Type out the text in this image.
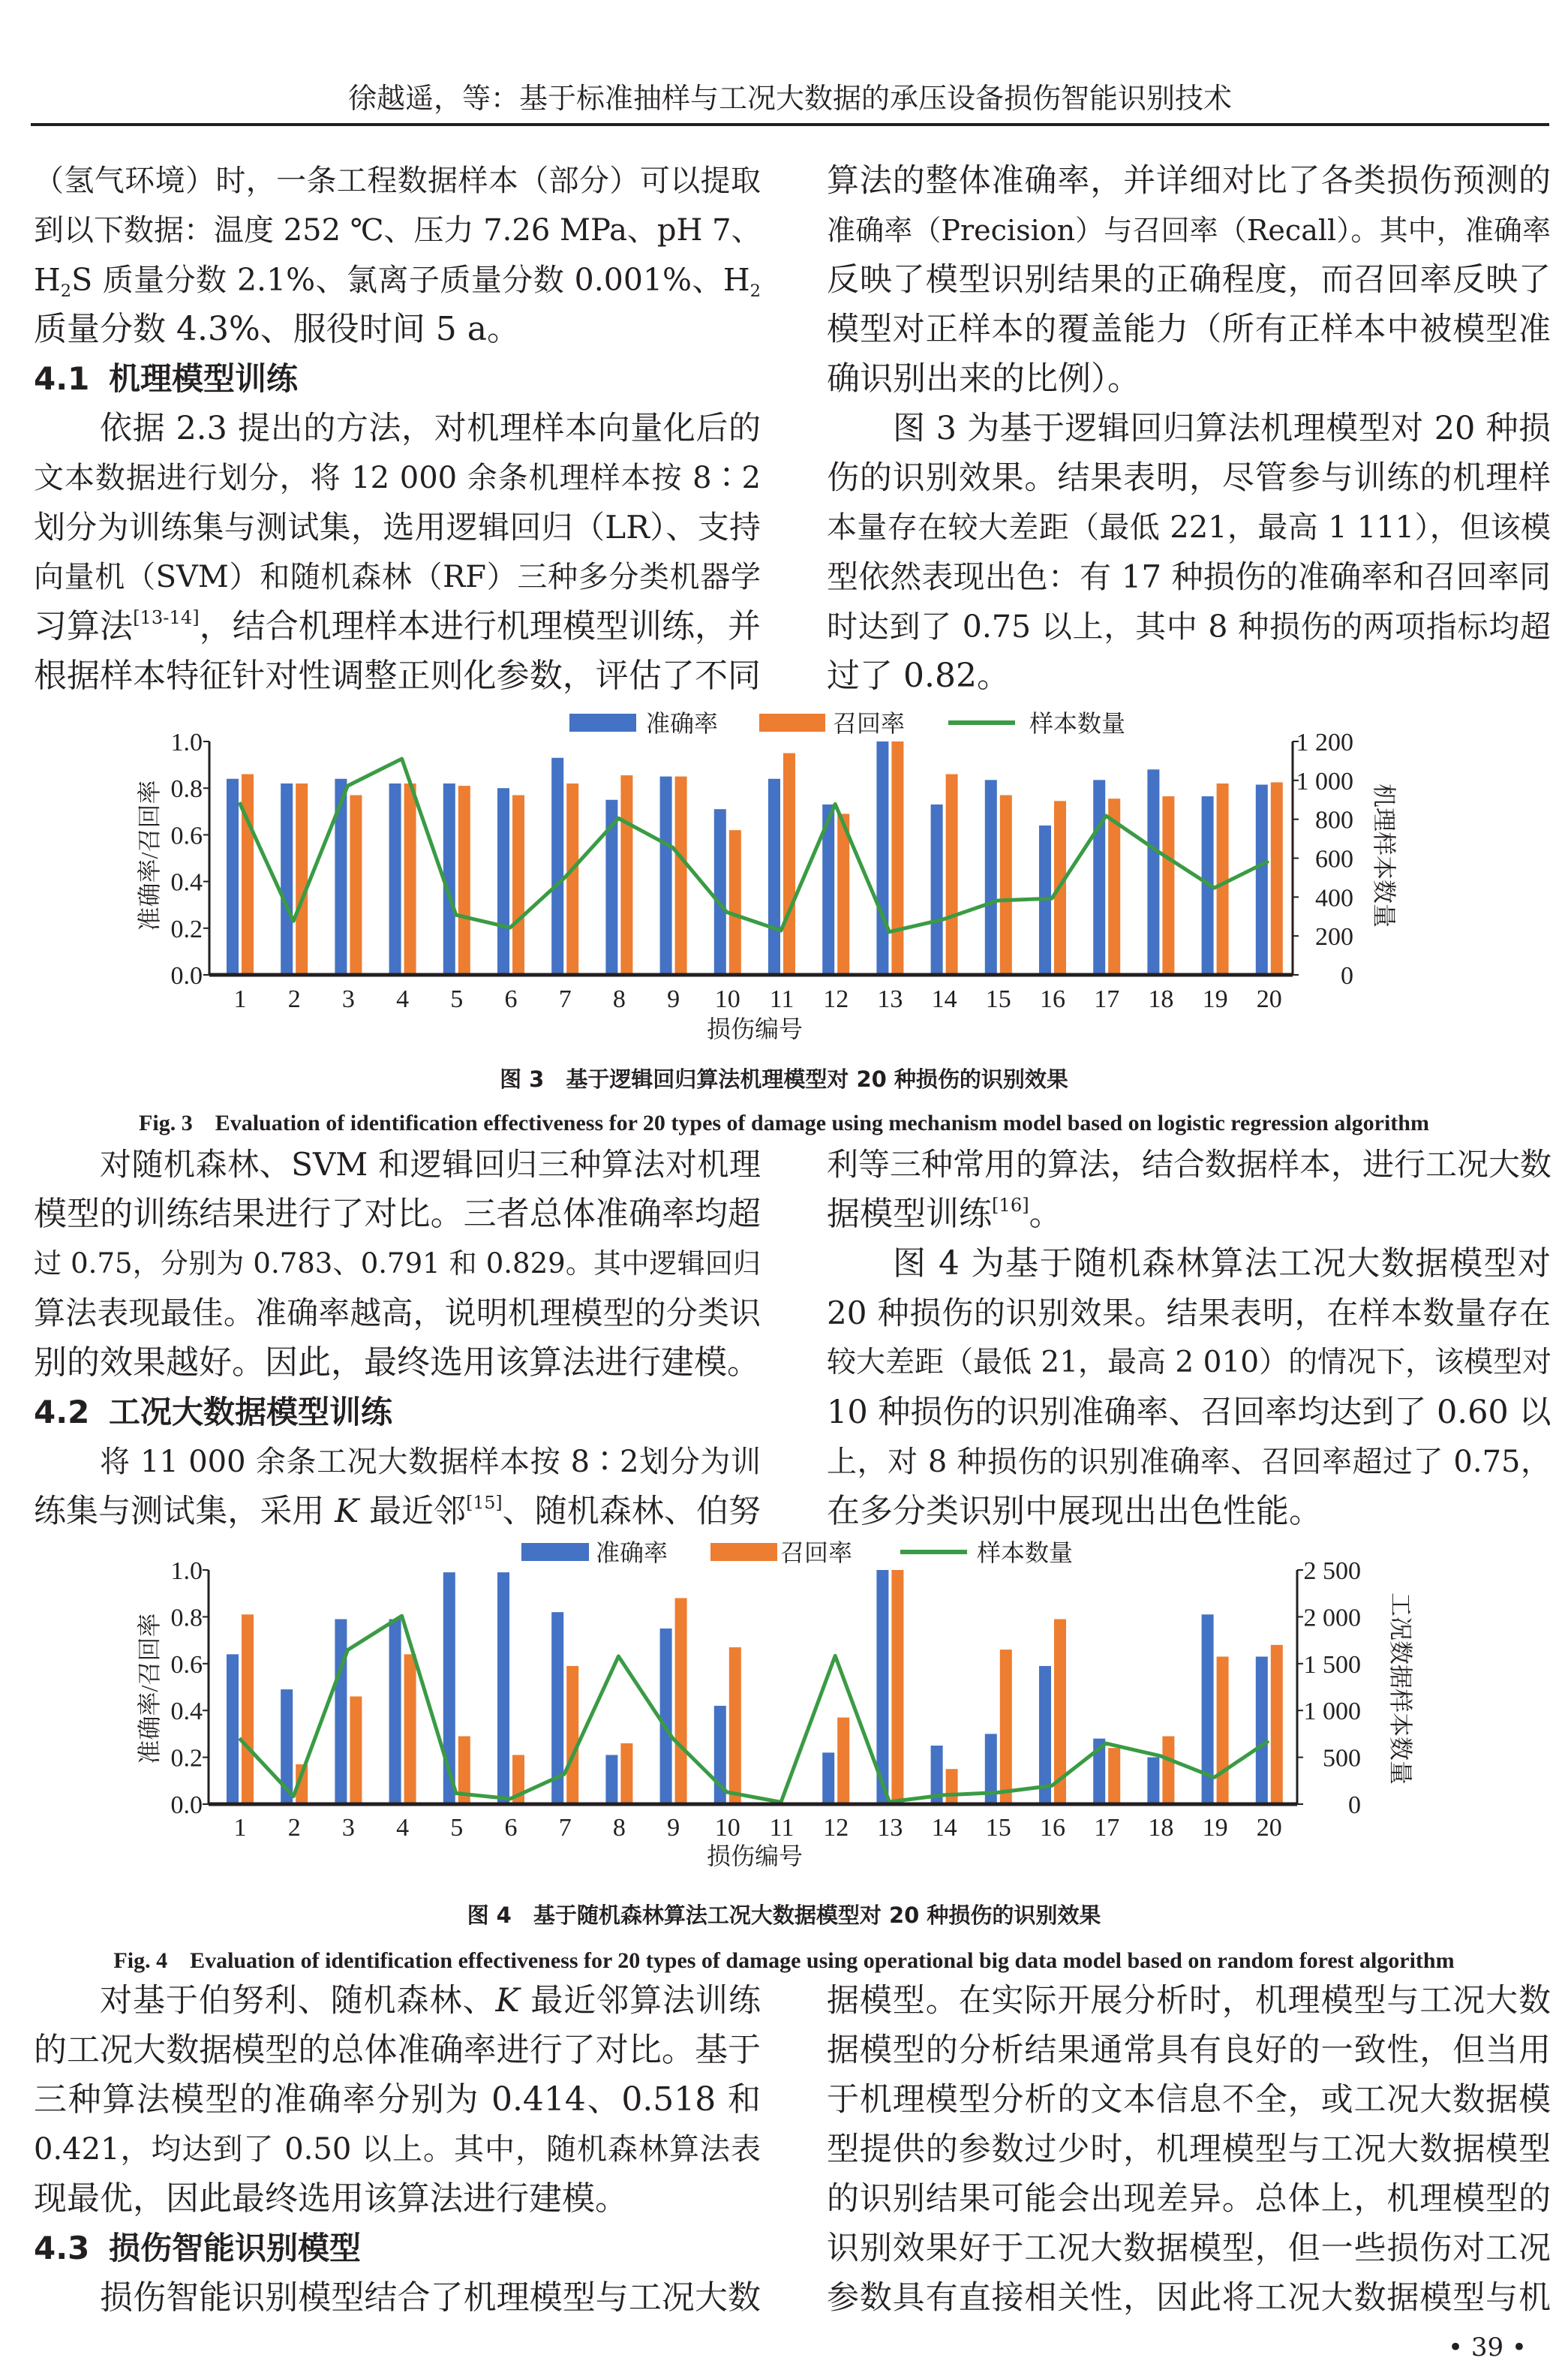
徐越遥，等：基于标准抽样与工况大数据的承压设备损伤智能识别技术
（氢气环境）时，一条工程数据样本（部分）可以提取
到以下数据：温度 252 ℃、压力 7.26 MPa、pH 7、
$H_2S$ 质量分数 2.1%、氯离子质量分数 0.001%、$H_2$
质量分数 4.3%、服役时间 5 a。
4.1 机理模型训练
依据 2.3 提出的方法，对机理样本向量化后的
文本数据进行划分，将 12 000 余条机理样本按 8∶2
划分为训练集与测试集，选用逻辑回归（LR）、支持
向量机（SVM）和随机森林（RF）三种多分类机器学
习算法[13-14]，结合机理样本进行机理模型训练，并
根据样本特征针对性调整正则化参数，评估了不同
算法的整体准确率，并详细对比了各类损伤预测的
准确率（Precision）与召回率（Recall）。其中，准确率
反映了模型识别结果的正确程度，而召回率反映了
模型对正样本的覆盖能力（所有正样本中被模型准
确识别出来的比例）。
图 3 为基于逻辑回归算法机理模型对 20 种损
伤的识别效果。结果表明，尽管参与训练的机理样
本量存在较大差距（最低 221，最高 1 111），但该模
型依然表现出色：有 17 种损伤的准确率和召回率同
时达到了 0.75 以上，其中 8 种损伤的两项指标均超
过了 0.82。
0.0
0.2
0.4
0.6
0.8
1.0
0
200
400
600
800
1 000
1 200
1 2 3 4 5 6 7 8 9 10 11 12 13 14 15 16 17 18 19 20
损伤编号
准确率/召回率	机理样本数量
准确率	召回率	样本数量
图 3　基于逻辑回归算法机理模型对 20 种损伤的识别效果
Fig. 3　Evaluation of identification effectiveness for 20 types of damage using mechanism model based on logistic regression algorithm
对随机森林、SVM 和逻辑回归三种算法对机理
模型的训练结果进行了对比。三者总体准确率均超
过 0.75，分别为 0.783、0.791 和 0.829。其中逻辑回归
算法表现最佳。准确率越高，说明机理模型的分类识
别的效果越好。因此，最终选用该算法进行建模。
4.2 工况大数据模型训练
将 11 000 余条工况大数据样本按 8∶2划分为训
练集与测试集，采用 K 最近邻[15]、随机森林、伯努
利等三种常用的算法，结合数据样本，进行工况大数
据模型训练[16]。
图 4 为基于随机森林算法工况大数据模型对
20 种损伤的识别效果。结果表明，在样本数量存在
较大差距（最低 21，最高 2 010）的情况下，该模型对
10 种损伤的识别准确率、召回率均达到了 0.60 以
上，对 8 种损伤的识别准确率、召回率超过了 0.75，
在多分类识别中展现出出色性能。
0.0
0.2
0.4
0.6
0.8
1.0
0
500
1 000
1 500
2 000
2 500
1 2 3 4 5 6 7 8 9 10 11 12 13 14 15 16 17 18 19 20
损伤编号
准确率/召回率	工况数据样本数量
准确率	召回率	样本数量
图 4　基于随机森林算法工况大数据模型对 20 种损伤的识别效果
Fig. 4　Evaluation of identification effectiveness for 20 types of damage using operational big data model based on random forest algorithm
对基于伯努利、随机森林、K 最近邻算法训练
的工况大数据模型的总体准确率进行了对比。基于
三种算法模型的准确率分别为 0.414、0.518 和
0.421，均达到了 0.50 以上。其中，随机森林算法表
现最优，因此最终选用该算法进行建模。
4.3 损伤智能识别模型
损伤智能识别模型结合了机理模型与工况大数
据模型。在实际开展分析时，机理模型与工况大数
据模型的分析结果通常具有良好的一致性，但当用
于机理模型分析的文本信息不全，或工况大数据模
型提供的参数过少时，机理模型与工况大数据模型
的识别结果可能会出现差异。总体上，机理模型的
识别效果好于工况大数据模型，但一些损伤对工况
参数具有直接相关性，因此将工况大数据模型与机
• 39 •
